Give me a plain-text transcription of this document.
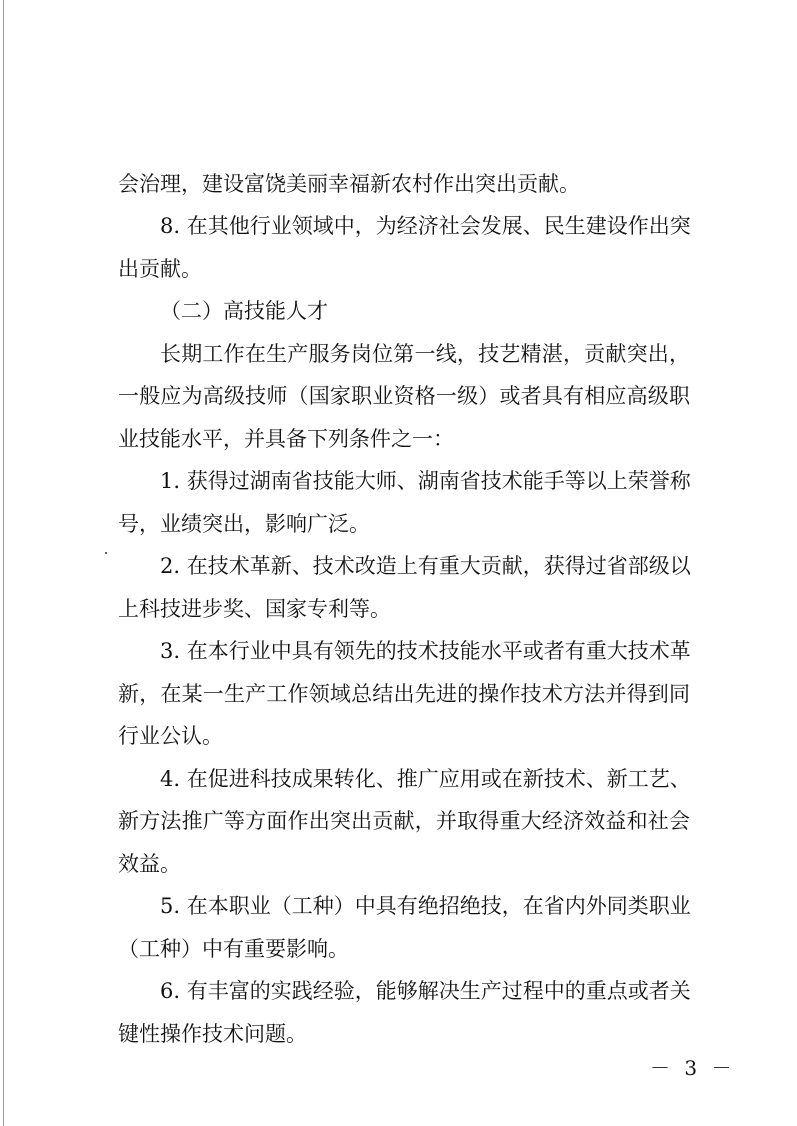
会治理，建设富饶美丽幸福新农村作出突出贡献。

8. 在其他行业领域中，为经济社会发展、民生建设作出突

出贡献。

（二）高技能人才

长期工作在生产服务岗位第一线，技艺精湛，贡献突出，

一般应为高级技师（国家职业资格一级）或者具有相应高级职

业技能水平，并具备下列条件之一：

1. 获得过湖南省技能大师、湖南省技术能手等以上荣誉称

号，业绩突出，影响广泛。

2. 在技术革新、技术改造上有重大贡献，获得过省部级以

上科技进步奖、国家专利等。

3. 在本行业中具有领先的技术技能水平或者有重大技术革

新，在某一生产工作领域总结出先进的操作技术方法并得到同

行业公认。

4. 在促进科技成果转化、推广应用或在新技术、新工艺、

新方法推广等方面作出突出贡献，并取得重大经济效益和社会

效益。

5. 在本职业（工种）中具有绝招绝技，在省内外同类职业

（工种）中有重要影响。

6. 有丰富的实践经验，能够解决生产过程中的重点或者关

键性操作技术问题。

－ 3 －
